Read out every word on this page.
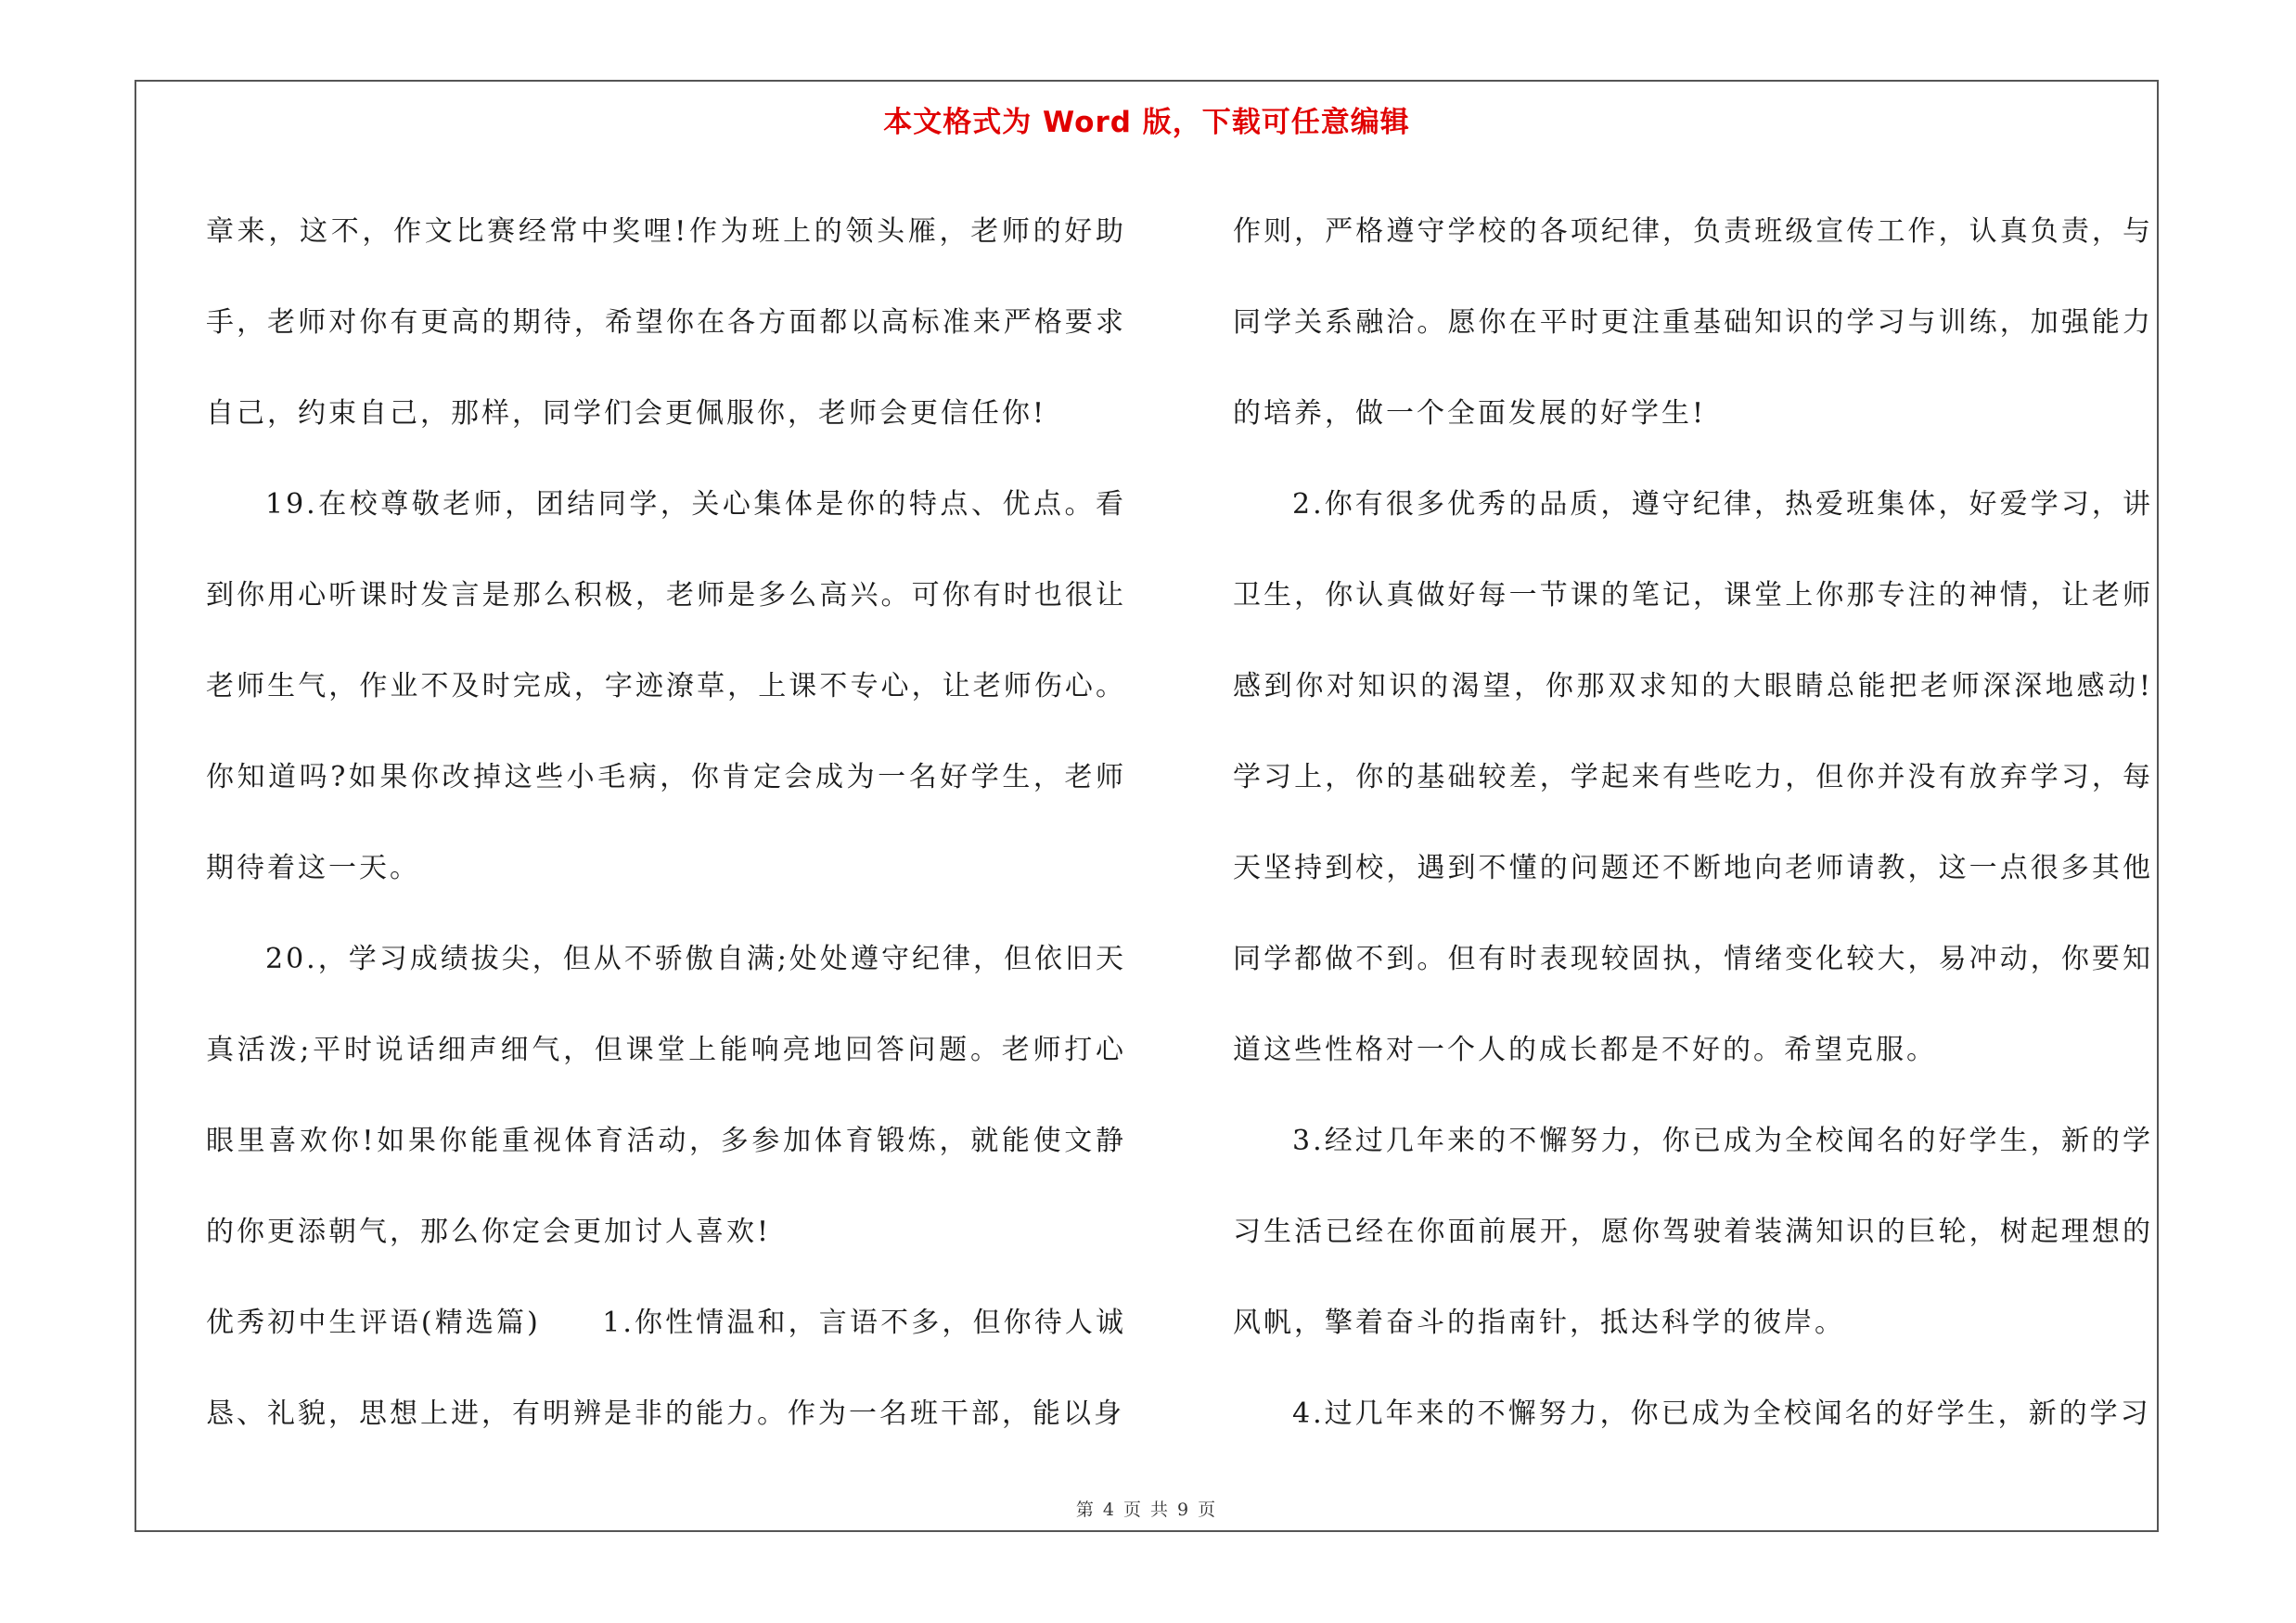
本文格式为 Word 版，下载可任意编辑

章来，这不，作文比赛经常中奖哩!作为班上的领头雁，老师的好助手，老师对你有更高的期待，希望你在各方面都以高标准来严格要求自己，约束自己，那样，同学们会更佩服你，老师会更信任你!

19.在校尊敬老师，团结同学，关心集体是你的特点、优点。看到你用心听课时发言是那么积极，老师是多么高兴。可你有时也很让老师生气，作业不及时完成，字迹潦草，上课不专心，让老师伤心。你知道吗?如果你改掉这些小毛病，你肯定会成为一名好学生，老师期待着这一天。

20.，学习成绩拔尖，但从不骄傲自满;处处遵守纪律，但依旧天真活泼;平时说话细声细气，但课堂上能响亮地回答问题。老师打心眼里喜欢你!如果你能重视体育活动，多参加体育锻炼，就能使文静的你更添朝气，那么你定会更加讨人喜欢!

优秀初中生评语(精选篇)　　1.你性情温和，言语不多，但你待人诚恳、礼貌，思想上进，有明辨是非的能力。作为一名班干部，能以身

作则，严格遵守学校的各项纪律，负责班级宣传工作，认真负责，与同学关系融洽。愿你在平时更注重基础知识的学习与训练，加强能力的培养，做一个全面发展的好学生!

2.你有很多优秀的品质，遵守纪律，热爱班集体，好爱学习，讲卫生，你认真做好每一节课的笔记，课堂上你那专注的神情，让老师感到你对知识的渴望，你那双求知的大眼睛总能把老师深深地感动!学习上，你的基础较差，学起来有些吃力，但你并没有放弃学习，每天坚持到校，遇到不懂的问题还不断地向老师请教，这一点很多其他同学都做不到。但有时表现较固执，情绪变化较大，易冲动，你要知道这些性格对一个人的成长都是不好的。希望克服。

3.经过几年来的不懈努力，你已成为全校闻名的好学生，新的学习生活已经在你面前展开，愿你驾驶着装满知识的巨轮，树起理想的风帆，擎着奋斗的指南针，抵达科学的彼岸。

4.过几年来的不懈努力，你已成为全校闻名的好学生，新的学习

第 4 页 共 9 页
